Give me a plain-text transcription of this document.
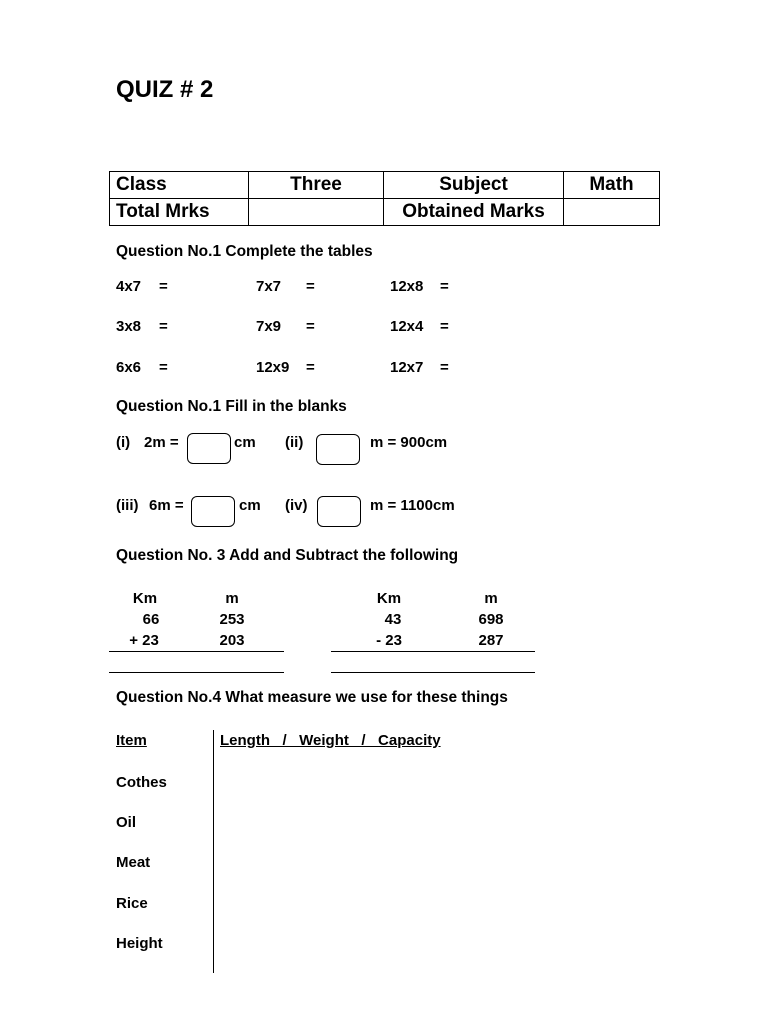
QUIZ # 2
Class	Three	Subject	Math
Total Mrks		Obtained Marks	
Question No.1 Complete the tables
4x7 =	7x7 =	12x8 =
3x8 =	7x9 =	12x4 =
6x6 =	12x9 =	12x7 =
Question No.1 Fill in the blanks
(i) 2m =	cm (ii)	m = 900cm
(iii) 6m =	cm (iv)	m = 1100cm
Question No. 3 Add and Subtract the following
Km	m
66	253
+ 23	203
Km	m
43	698
- 23	287
Question No.4 What measure we use for these things
Item	Length   /   Weight   /   Capacity
Cothes
Oil
Meat
Rice
Height
